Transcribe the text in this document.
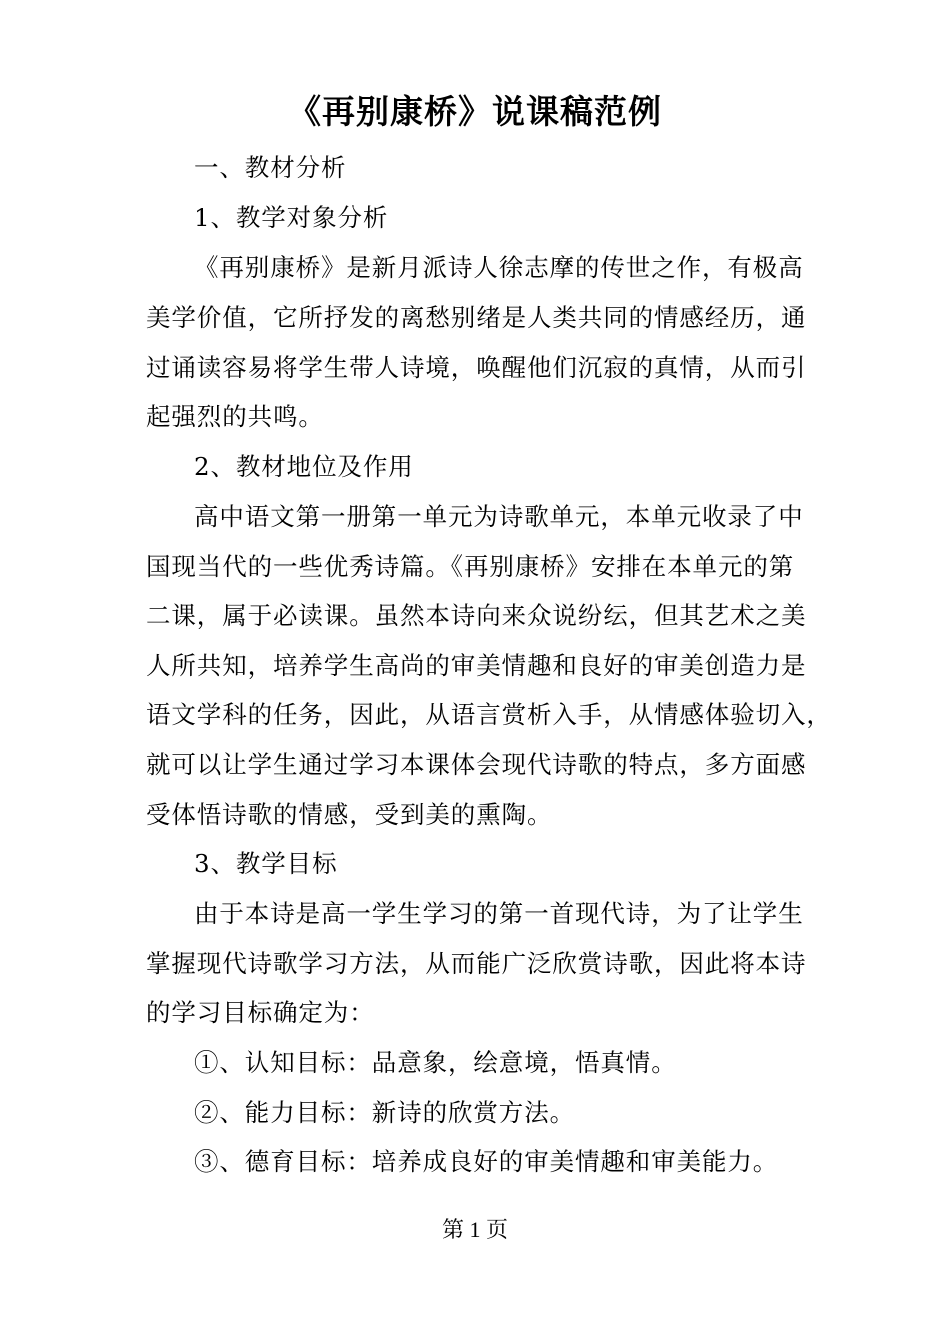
《再别康桥》说课稿范例
一、教材分析
1、教学对象分析
《再别康桥》是新月派诗人徐志摩的传世之作，有极高
美学价值，它所抒发的离愁别绪是人类共同的情感经历，通
过诵读容易将学生带人诗境，唤醒他们沉寂的真情，从而引
起强烈的共鸣。
2、教材地位及作用
高中语文第一册第一单元为诗歌单元，本单元收录了中
国现当代的一些优秀诗篇。《再别康桥》安排在本单元的第
二课，属于必读课。虽然本诗向来众说纷纭，但其艺术之美
人所共知，培养学生高尚的审美情趣和良好的审美创造力是
语文学科的任务，因此，从语言赏析入手，从情感体验切入，
就可以让学生通过学习本课体会现代诗歌的特点，多方面感
受体悟诗歌的情感，受到美的熏陶。
3、教学目标
由于本诗是高一学生学习的第一首现代诗，为了让学生
掌握现代诗歌学习方法，从而能广泛欣赏诗歌，因此将本诗
的学习目标确定为：
①、认知目标：品意象，绘意境，悟真情。
②、能力目标：新诗的欣赏方法。
③、德育目标：培养成良好的审美情趣和审美能力。
第 1 页
